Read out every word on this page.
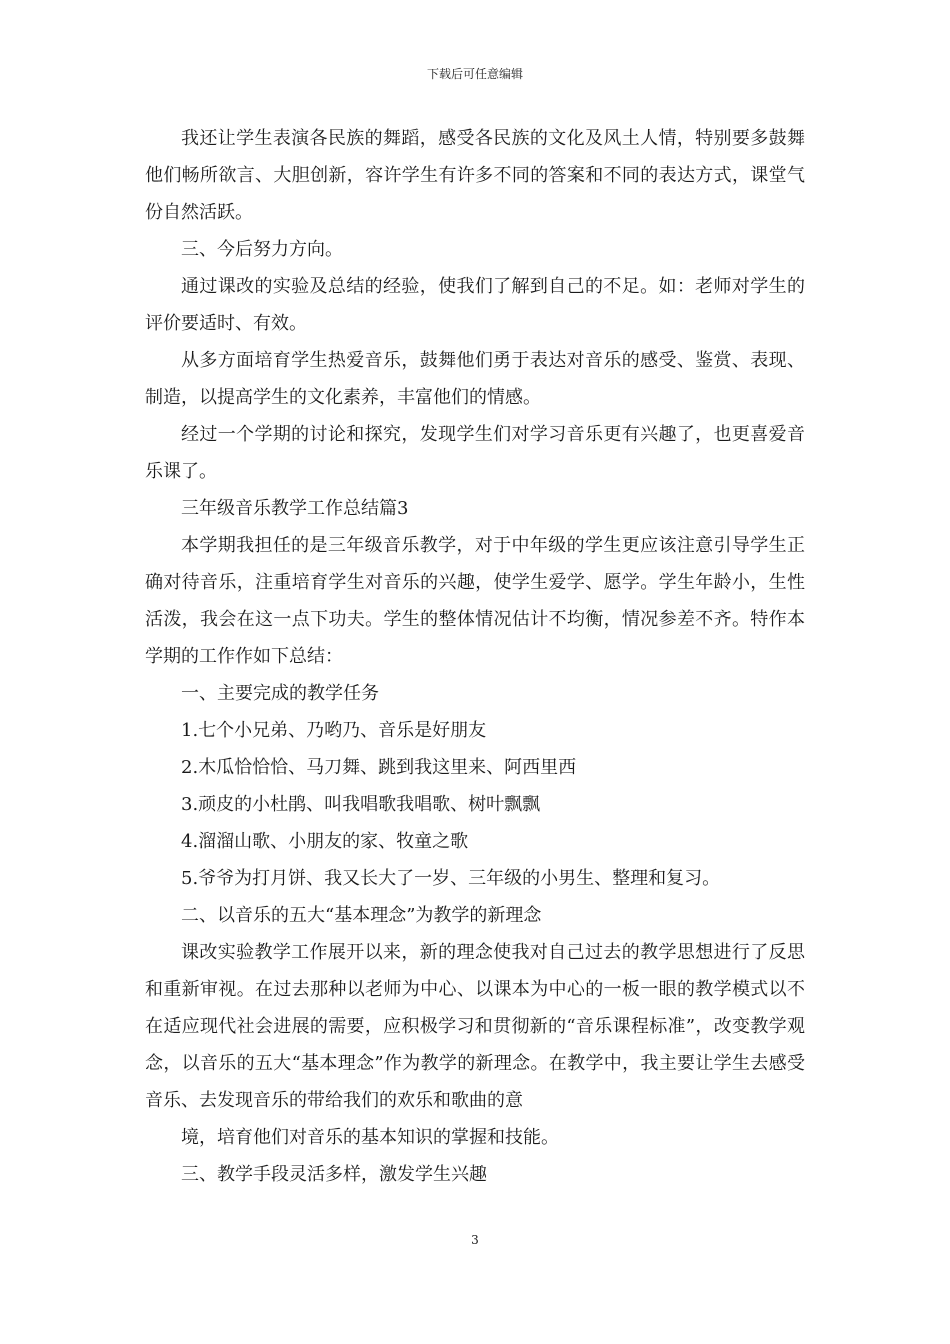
下载后可任意编辑

我还让学生表演各民族的舞蹈，感受各民族的文化及风土人情，特别要多鼓舞他们畅所欲言、大胆创新，容许学生有许多不同的答案和不同的表达方式，课堂气份自然活跃。

三、今后努力方向。

通过课改的实验及总结的经验，使我们了解到自己的不足。如：老师对学生的评价要适时、有效。

从多方面培育学生热爱音乐，鼓舞他们勇于表达对音乐的感受、鉴赏、表现、制造，以提高学生的文化素养，丰富他们的情感。

经过一个学期的讨论和探究，发现学生们对学习音乐更有兴趣了，也更喜爱音乐课了。

三年级音乐教学工作总结篇3

本学期我担任的是三年级音乐教学，对于中年级的学生更应该注意引导学生正确对待音乐，注重培育学生对音乐的兴趣，使学生爱学、愿学。学生年龄小，生性活泼，我会在这一点下功夫。学生的整体情况估计不均衡，情况参差不齐。特作本学期的工作作如下总结：

一、主要完成的教学任务

1.七个小兄弟、乃哟乃、音乐是好朋友

2.木瓜恰恰恰、马刀舞、跳到我这里来、阿西里西

3.顽皮的小杜鹃、叫我唱歌我唱歌、树叶飘飘

4.溜溜山歌、小朋友的家、牧童之歌

5.爷爷为打月饼、我又长大了一岁、三年级的小男生、整理和复习。

二、以音乐的五大“基本理念”为教学的新理念

课改实验教学工作展开以来，新的理念使我对自己过去的教学思想进行了反思和重新审视。在过去那种以老师为中心、以课本为中心的一板一眼的教学模式以不在适应现代社会进展的需要，应积极学习和贯彻新的“音乐课程标准”，改变教学观念，以音乐的五大“基本理念”作为教学的新理念。在教学中，我主要让学生去感受音乐、去发现音乐的带给我们的欢乐和歌曲的意

境，培育他们对音乐的基本知识的掌握和技能。

三、教学手段灵活多样，激发学生兴趣

3
